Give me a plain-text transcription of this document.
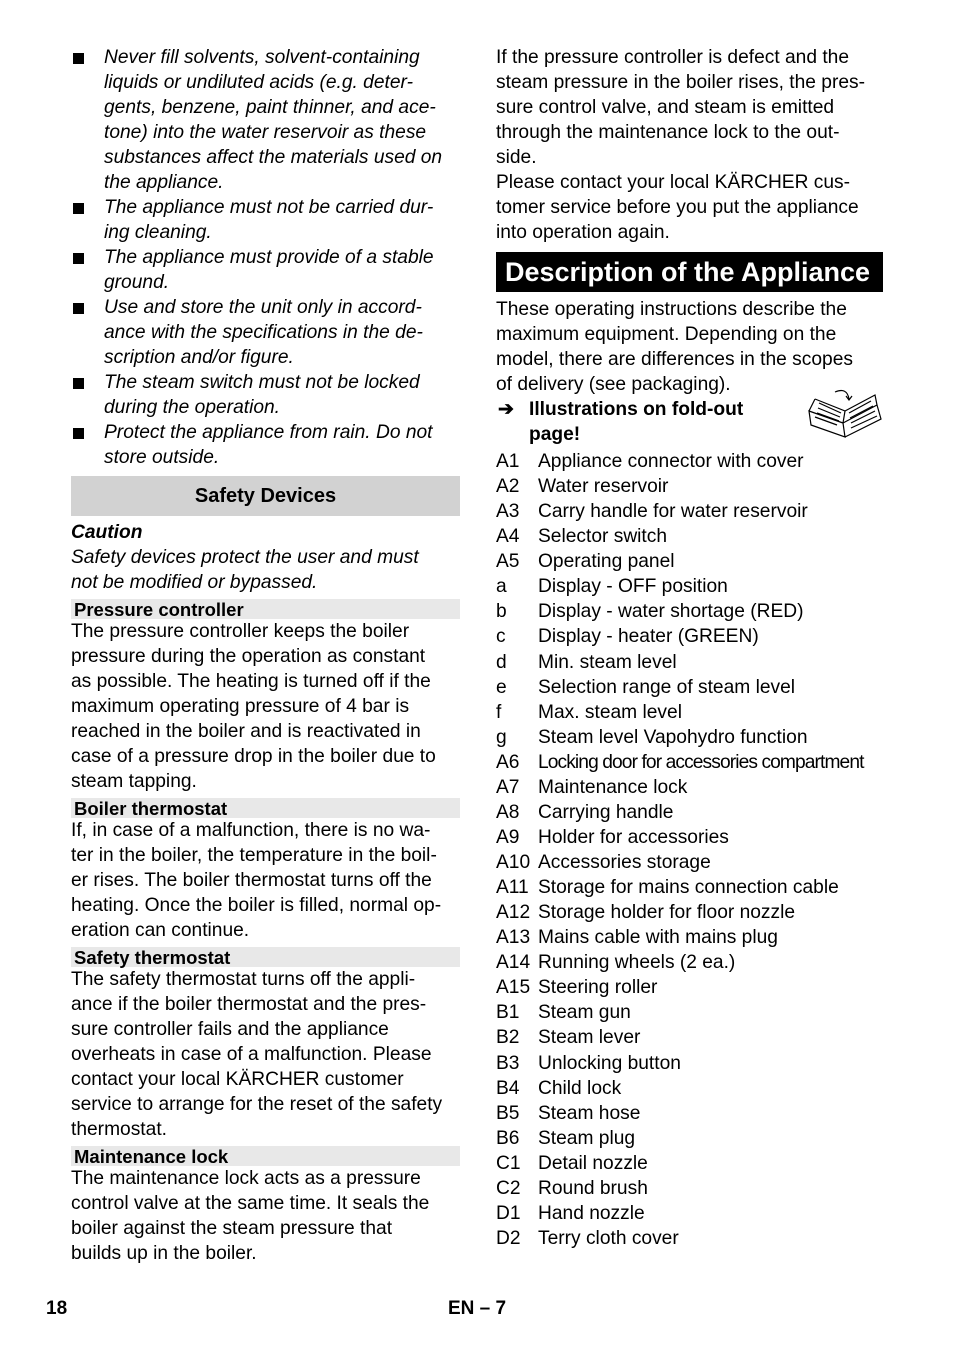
Never fill solvents, solvent-containing
liquids or undiluted acids (e.g. deter-
gents, benzene, paint thinner, and ace-
tone) into the water reservoir as these
substances affect the materials used on
the appliance.
The appliance must not be carried dur-
ing cleaning.
The appliance must provide of a stable
ground.
Use and store the unit only in accord-
ance with the specifications in the de-
scription and/or figure.
The steam switch must not be locked
during the operation.
Protect the appliance from rain. Do not
store outside.
Safety Devices
Caution
Safety devices protect the user and must
not be modified or bypassed.
Pressure controller
The pressure controller keeps the boiler
pressure during the operation as constant
as possible. The heating is turned off if the
maximum operating pressure of 4 bar is
reached in the boiler and is reactivated in
case of a pressure drop in the boiler due to
steam tapping.
Boiler thermostat
If, in case of a malfunction, there is no wa-
ter in the boiler, the temperature in the boil-
er rises. The boiler thermostat turns off the
heating. Once the boiler is filled, normal op-
eration can continue.
Safety thermostat
The safety thermostat turns off the appli-
ance if the boiler thermostat and the pres-
sure controller fails and the appliance
overheats in case of a malfunction. Please
contact your local KÄRCHER customer
service to arrange for the reset of the safety
thermostat.
Maintenance lock
The maintenance lock acts as a pressure
control valve at the same time. It seals the
boiler against the steam pressure that
builds up in the boiler.
If the pressure controller is defect and the
steam pressure in the boiler rises, the pres-
sure control valve, and steam is emitted
through the maintenance lock to the out-
side.
Please contact your local KÄRCHER cus-
tomer service before you put the appliance
into operation again.
Description of the Appliance
These operating instructions describe the
maximum equipment. Depending on the
model, there are differences in the scopes
of delivery (see packaging).
➔ Illustrations on fold-out
page!
A1 Appliance connector with cover
A2 Water reservoir
A3 Carry handle for water reservoir
A4 Selector switch
A5 Operating panel
a	Display - OFF position
b	Display - water shortage (RED)
c	Display - heater (GREEN)
d	Min. steam level
e	Selection range of steam level
f	Max. steam level
g	Steam level Vapohydro function
A6 Locking door for accessories compartment
A7 Maintenance lock
A8 Carrying handle
A9 Holder for accessories
A10 Accessories storage
A11 Storage for mains connection cable
A12 Storage holder for floor nozzle
A13 Mains cable with mains plug
A14 Running wheels (2 ea.)
A15 Steering roller
B1 Steam gun
B2 Steam lever
B3 Unlocking button
B4 Child lock
B5 Steam hose
B6 Steam plug
C1 Detail nozzle
C2 Round brush
D1 Hand nozzle
D2 Terry cloth cover
18	EN – 7
